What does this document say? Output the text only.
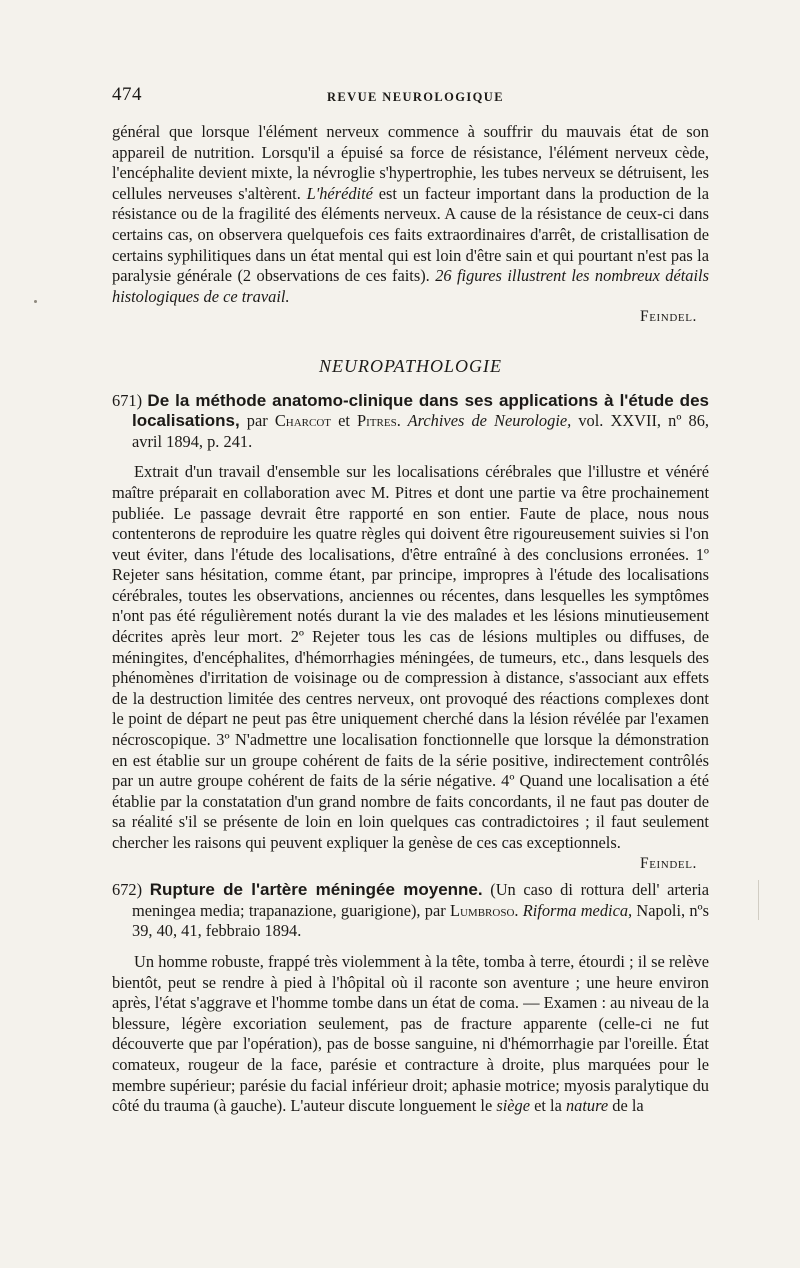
474	REVUE NEUROLOGIQUE

général que lorsque l'élément nerveux commence à souffrir du mauvais état de son appareil de nutrition. Lorsqu'il a épuisé sa force de résistance, l'élément nerveux cède, l'encéphalite devient mixte, la névroglie s'hypertrophie, les tubes nerveux se détruisent, les cellules nerveuses s'altèrent. L'hérédité est un facteur important dans la production de la résistance ou de la fragilité des éléments nerveux. A cause de la résistance de ceux-ci dans certains cas, on observera quelquefois ces faits extraordinaires d'arrêt, de cristallisation de certains syphilitiques dans un état mental qui est loin d'être sain et qui pourtant n'est pas la paralysie générale (2 observations de ces faits). 26 figures illustrent les nombreux détails histologiques de ce travail.

Feindel.

NEUROPATHOLOGIE

671) De la méthode anatomo-clinique dans ses applications à l'étude des localisations, par Charcot et Pitres. Archives de Neurologie, vol. XXVII, nº 86, avril 1894, p. 241.

Extrait d'un travail d'ensemble sur les localisations cérébrales que l'illustre et vénéré maître préparait en collaboration avec M. Pitres et dont une partie va être prochainement publiée. Le passage devrait être rapporté en son entier. Faute de place, nous nous contenterons de reproduire les quatre règles qui doivent être rigoureusement suivies si l'on veut éviter, dans l'étude des localisations, d'être entraîné à des conclusions erronées. 1º Rejeter sans hésitation, comme étant, par principe, impropres à l'étude des localisations cérébrales, toutes les observations, anciennes ou récentes, dans lesquelles les symptômes n'ont pas été régulièrement notés durant la vie des malades et les lésions minutieusement décrites après leur mort. 2º Rejeter tous les cas de lésions multiples ou diffuses, de méningites, d'encéphalites, d'hémorrhagies méningées, de tumeurs, etc., dans lesquels des phénomènes d'irritation de voisinage ou de compression à distance, s'associant aux effets de la destruction limitée des centres nerveux, ont provoqué des réactions complexes dont le point de départ ne peut pas être uniquement cherché dans la lésion révélée par l'examen nécroscopique. 3º N'admettre une localisation fonctionnelle que lorsque la démonstration en est établie sur un groupe cohérent de faits de la série positive, indirectement contrôlés par un autre groupe cohérent de faits de la série négative. 4º Quand une localisation a été établie par la constatation d'un grand nombre de faits concordants, il ne faut pas douter de sa réalité s'il se présente de loin en loin quelques cas contradictoires ; il faut seulement chercher les raisons qui peuvent expliquer la genèse de ces cas exceptionnels.

Feindel.

672) Rupture de l'artère méningée moyenne. (Un caso di rottura dell' arteria meningea media; trapanazione, guarigione), par Lumbroso. Riforma medica, Napoli, nºs 39, 40, 41, febbraio 1894.

Un homme robuste, frappé très violemment à la tête, tomba à terre, étourdi ; il se relève bientôt, peut se rendre à pied à l'hôpital où il raconte son aventure ; une heure environ après, l'état s'aggrave et l'homme tombe dans un état de coma. — Examen : au niveau de la blessure, légère excoriation seulement, pas de fracture apparente (celle-ci ne fut découverte que par l'opération), pas de bosse sanguine, ni d'hémorrhagie par l'oreille. État comateux, rougeur de la face, parésie et contracture à droite, plus marquées pour le membre supérieur; parésie du facial inférieur droit; aphasie motrice; myosis paralytique du côté du trauma (à gauche). L'auteur discute longuement le siège et la nature de la
